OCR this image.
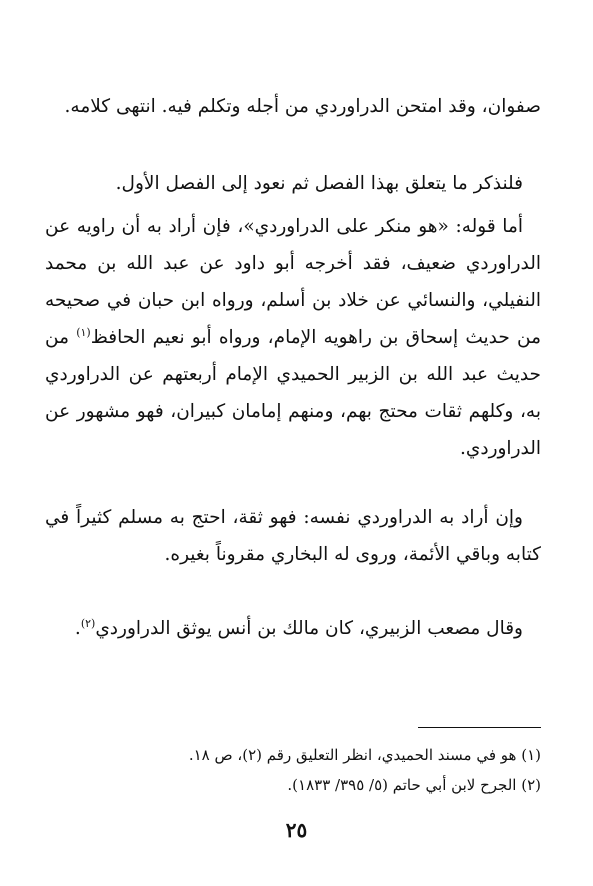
صفوان، وقد امتحن الدراوردي من أجله وتكلم فيه. انتهى كلامه.

فلنذكر ما يتعلق بهذا الفصل ثم نعود إلى الفصل الأول.

أما قوله: «هو منكر على الدراوردي»، فإن أراد به أن راويه عن الدراوردي ضعيف، فقد أخرجه أبو داود عن عبد الله بن محمد النفيلي، والنسائي عن خلاد بن أسلم، ورواه ابن حبان في صحيحه من حديث إسحاق بن راهويه الإمام، ورواه أبو نعيم الحافظ$^{(١)}$ من حديث عبد الله بن الزبير الحميدي الإمام أربعتهم عن الدراوردي به، وكلهم ثقات محتج بهم، ومنهم إمامان كبيران، فهو مشهور عن الدراوردي.

وإن أراد به الدراوردي نفسه: فهو ثقة، احتج به مسلم كثيراً في كتابه وباقي الأئمة، وروى له البخاري مقروناً بغيره.

وقال مصعب الزبيري، كان مالك بن أنس يوثق الدراوردي$^{(٢)}$.

(١) هو في مسند الحميدي، انظر التعليق رقم (٢)، ص ١٨.
(٢) الجرح لابن أبي حاتم (٥/ ٣٩٥/ ١٨٣٣).
٢٥
